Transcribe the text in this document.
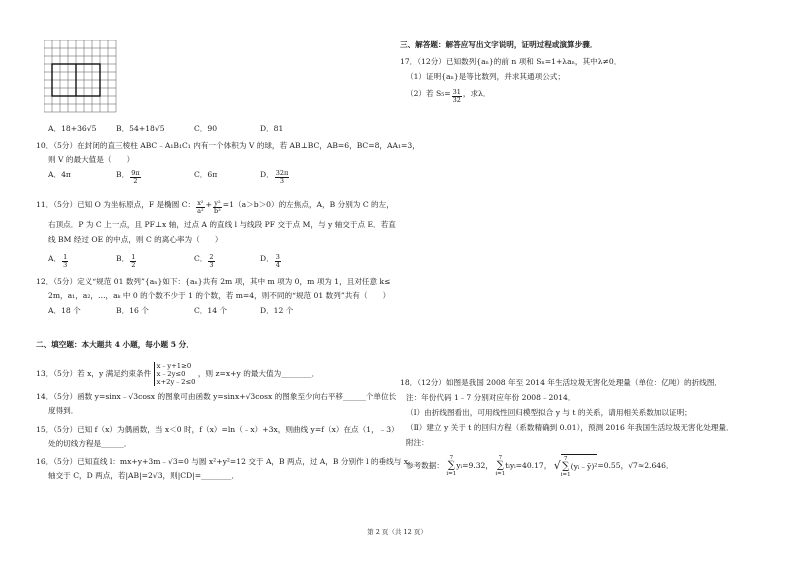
A．18+36√5	B．54+18√5	C．90	D．81
10．（5分）在封闭的直三棱柱 ABC﹣A₁B₁C₁ 内有一个体积为 V 的球，若 AB⊥BC，AB=6，BC=8，AA₁=3，
则 V 的最大值是（　　）
A．4π	B． $\frac{9\pi}{2}$	C．6π	D． $\frac{32\pi}{3}$
11．（5分）已知 O 为坐标原点，F 是椭圆 C： $\frac{\text{x²}}{\text{a²}} + \frac{\text{y²}}{\text{b²}} =1(a>b>0)$的左焦点，A，B 分别为 C 的左，
右顶点．P 为 C 上一点，且 PF⊥x 轴，过点 A 的直线 l 与线段 PF 交于点 M，与 y 轴交于点 E．若直
线 BM 经过 OE 的中点，则 C 的离心率为（　　）
A． $\frac{1}{3}$	B． $\frac{1}{2}$	C． $\frac{2}{3}$	D． $\frac{3}{4}$
12．（5分）定义“规范 01 数列”{aₙ}如下：{aₙ}共有 2m 项，其中 m 项为 0，m 项为 1，且对任意 k≤
2m，a₁，a₂，…，aₖ 中 0 的个数不少于 1 的个数，若 m=4，则不同的“规范 01 数列”共有（　　）
A．18 个	B．16 个	C．14 个	D．12 个
二、填空题：本大题共 4 小题，每小题 5 分．
13．（5分）若 x，y 满足约束条件
x﹣y+1≥0
x﹣2y≤0
x+2y﹣2≤0
，则 z=x+y 的最大值为________．
14．（5分）函数 y=sinx﹣√3cosx 的图象可由函数 y=sinx+√3cosx 的图象至少向右平移______个单位长
度得到．
15．（5分）已知 f（x）为偶函数，当 x＜0 时，f（x）=ln（﹣x）+3x，则曲线 y=f（x）在点（1，﹣3）
处的切线方程是______．
16．（5分）已知直线 l：mx+y+3m﹣√3=0 与圆 x²+y²=12 交于 A，B 两点，过 A，B 分别作 l 的垂线与 x
轴交于 C，D 两点，若|AB|=2√3，则|CD|=________．
三、解答题：解答应写出文字说明，证明过程或演算步骤．
17．（12分）已知数列{aₙ}的前 n 项和 Sₙ=1+λaₙ，其中λ≠0．
（1）证明{aₙ}是等比数列，并求其通项公式；
（2）若 $S_5= \frac{31}{32}$ ，求λ．
18．（12分）如图是我国 2008 年至 2014 年生活垃圾无害化处理量（单位：亿吨）的折线图．
注：年份代码 1﹣7 分别对应年份 2008﹣2014．
（Ⅰ）由折线图看出，可用线性回归模型拟合 y 与 t 的关系，请用相关系数加以证明；
（Ⅱ）建立 y 关于 t 的回归方程（系数精确到 0.01），预测 2016 年我国生活垃圾无害化处理量．
附注：
参考数据：
7
∑
i=1
yᵢ=9.32，
7
∑
i=1
tᵢyᵢ=40.17， √ 7
∑
i=1
(yᵢ﹣ȳ)²=0.55，√7≈2.646．
第 2 页（共 12 页）
